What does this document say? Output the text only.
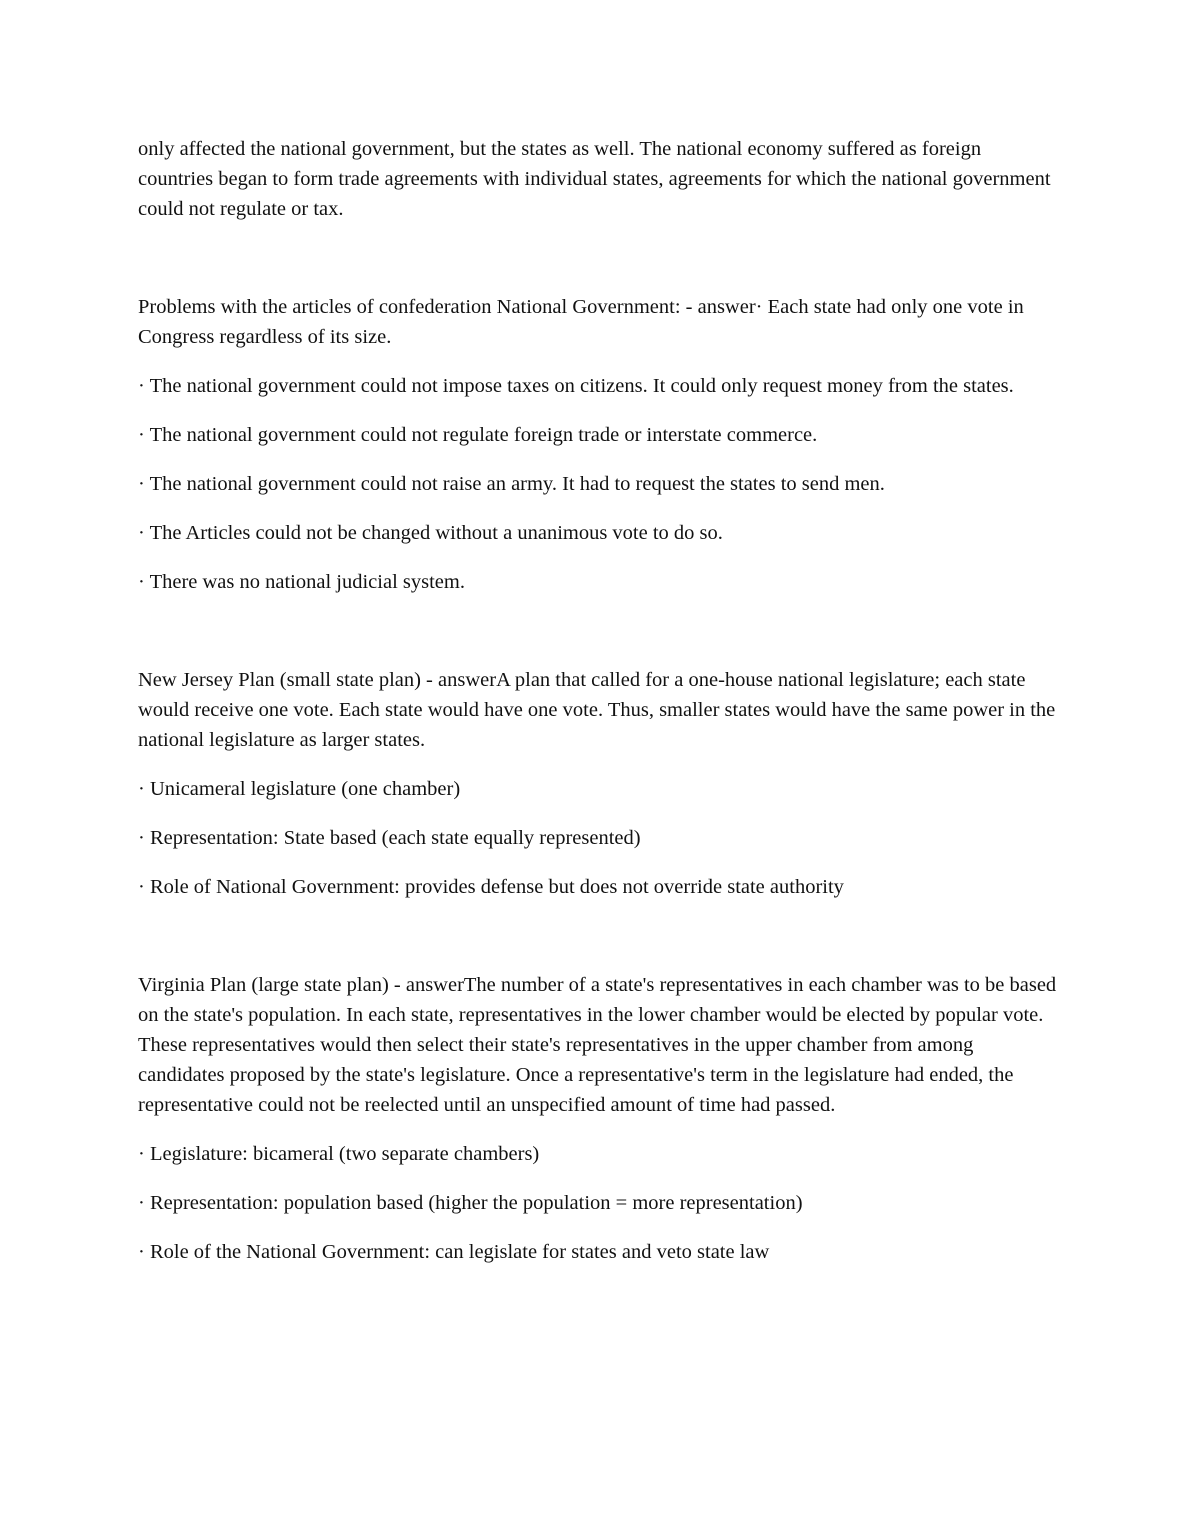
only affected the national government, but the states as well. The national economy suffered as foreign countries began to form trade agreements with individual states, agreements for which the national government could not regulate or tax.

Problems with the articles of confederation National Government: - answer· Each state had only one vote in Congress regardless of its size.

· The national government could not impose taxes on citizens. It could only request money from the states.

· The national government could not regulate foreign trade or interstate commerce.

· The national government could not raise an army. It had to request the states to send men.

· The Articles could not be changed without a unanimous vote to do so.

· There was no national judicial system.

New Jersey Plan (small state plan) - answerA plan that called for a one-house national legislature; each state would receive one vote. Each state would have one vote. Thus, smaller states would have the same power in the national legislature as larger states.

· Unicameral legislature (one chamber)

· Representation: State based (each state equally represented)

· Role of National Government: provides defense but does not override state authority

Virginia Plan (large state plan) - answerThe number of a state's representatives in each chamber was to be based on the state's population. In each state, representatives in the lower chamber would be elected by popular vote. These representatives would then select their state's representatives in the upper chamber from among candidates proposed by the state's legislature. Once a representative's term in the legislature had ended, the representative could not be reelected until an unspecified amount of time had passed.

· Legislature: bicameral (two separate chambers)

· Representation: population based (higher the population = more representation)

· Role of the National Government: can legislate for states and veto state law
